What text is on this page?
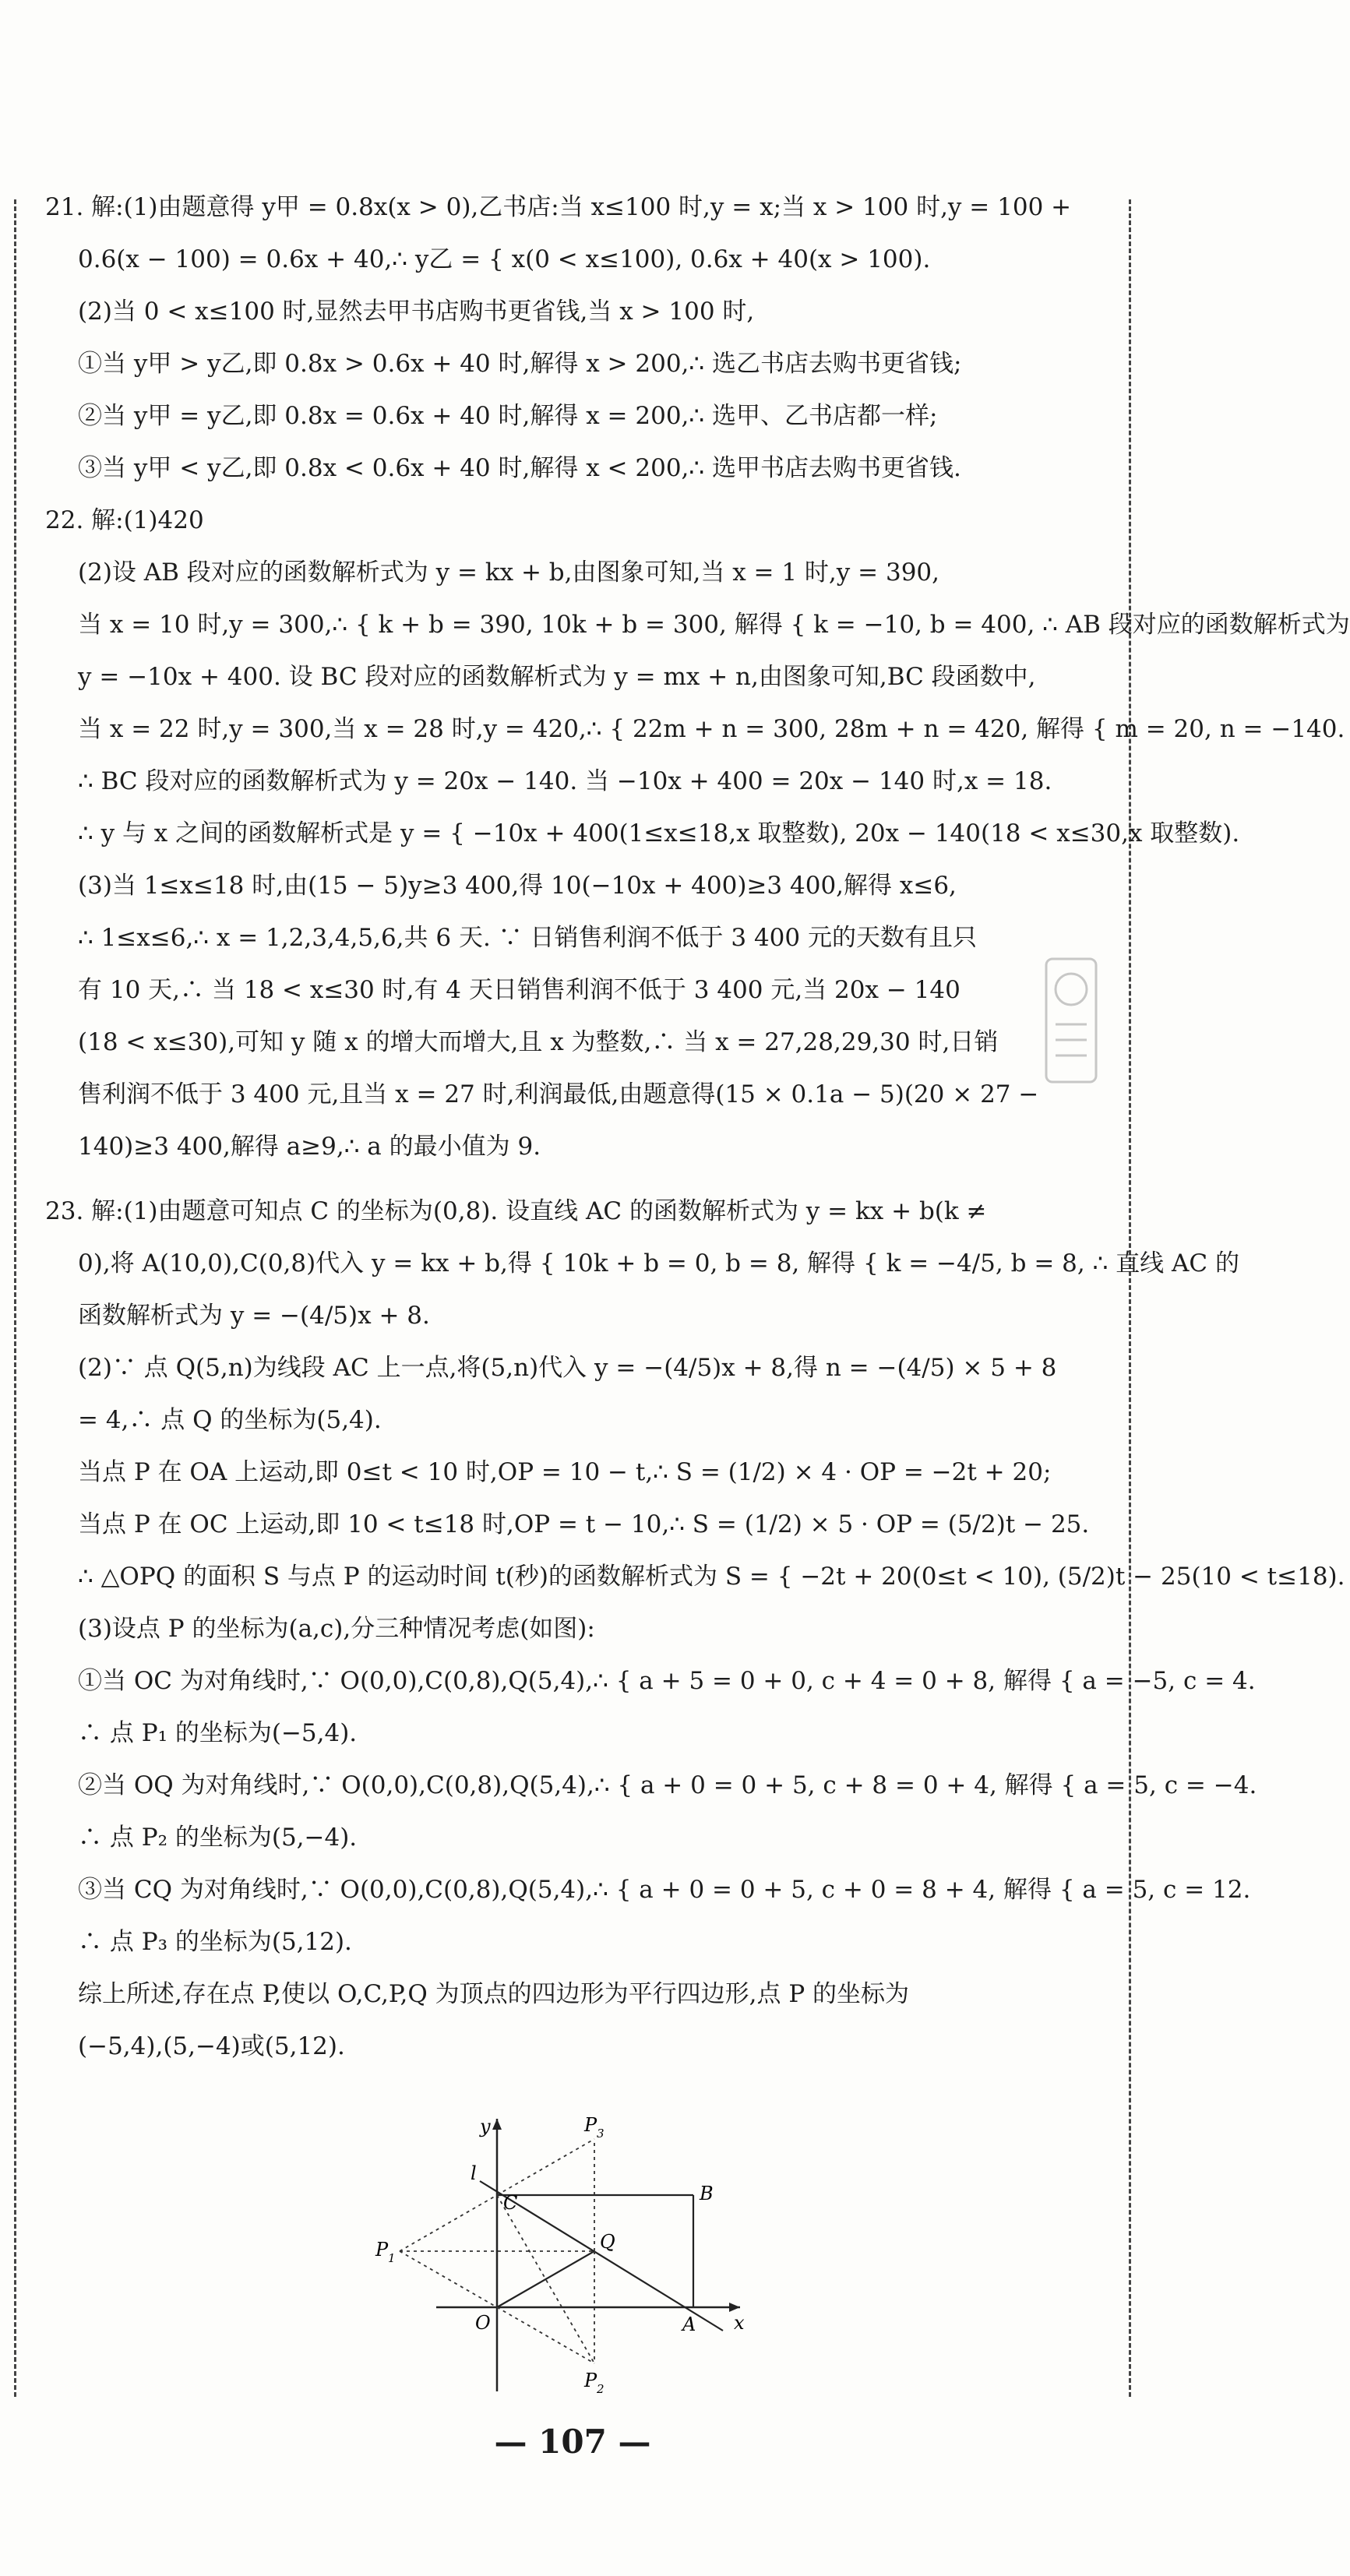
21. 解:(1)由题意得 y甲 = 0.8x(x > 0),乙书店:当 x≤100 时,y = x;当 x > 100 时,y = 100 +
0.6(x − 100) = 0.6x + 40,∴ y乙 = { x(0 < x≤100), 0.6x + 40(x > 100).
(2)当 0 < x≤100 时,显然去甲书店购书更省钱,当 x > 100 时,
①当 y甲 > y乙,即 0.8x > 0.6x + 40 时,解得 x > 200,∴ 选乙书店去购书更省钱;
②当 y甲 = y乙,即 0.8x = 0.6x + 40 时,解得 x = 200,∴ 选甲、乙书店都一样;
③当 y甲 < y乙,即 0.8x < 0.6x + 40 时,解得 x < 200,∴ 选甲书店去购书更省钱.
22. 解:(1)420
(2)设 AB 段对应的函数解析式为 y = kx + b,由图象可知,当 x = 1 时,y = 390,
当 x = 10 时,y = 300,∴ { k + b = 390, 10k + b = 300, 解得 { k = −10, b = 400, ∴ AB 段对应的函数解析式为
y = −10x + 400. 设 BC 段对应的函数解析式为 y = mx + n,由图象可知,BC 段函数中,
当 x = 22 时,y = 300,当 x = 28 时,y = 420,∴ { 22m + n = 300, 28m + n = 420, 解得 { m = 20, n = −140.
∴ BC 段对应的函数解析式为 y = 20x − 140. 当 −10x + 400 = 20x − 140 时,x = 18.
∴ y 与 x 之间的函数解析式是 y = { −10x + 400(1≤x≤18,x 取整数), 20x − 140(18 < x≤30,x 取整数).
(3)当 1≤x≤18 时,由(15 − 5)y≥3 400,得 10(−10x + 400)≥3 400,解得 x≤6,
∴ 1≤x≤6,∴ x = 1,2,3,4,5,6,共 6 天. ∵ 日销售利润不低于 3 400 元的天数有且只
有 10 天,∴ 当 18 < x≤30 时,有 4 天日销售利润不低于 3 400 元,当 20x − 140
(18 < x≤30),可知 y 随 x 的增大而增大,且 x 为整数,∴ 当 x = 27,28,29,30 时,日销
售利润不低于 3 400 元,且当 x = 27 时,利润最低,由题意得(15 × 0.1a − 5)(20 × 27 −
140)≥3 400,解得 a≥9,∴ a 的最小值为 9.
23. 解:(1)由题意可知点 C 的坐标为(0,8). 设直线 AC 的函数解析式为 y = kx + b(k ≠
0),将 A(10,0),C(0,8)代入 y = kx + b,得 { 10k + b = 0, b = 8, 解得 { k = −4/5, b = 8, ∴ 直线 AC 的
函数解析式为 y = −(4/5)x + 8.
(2)∵ 点 Q(5,n)为线段 AC 上一点,将(5,n)代入 y = −(4/5)x + 8,得 n = −(4/5) × 5 + 8
= 4,∴ 点 Q 的坐标为(5,4).
当点 P 在 OA 上运动,即 0≤t < 10 时,OP = 10 − t,∴ S = (1/2) × 4 · OP = −2t + 20;
当点 P 在 OC 上运动,即 10 < t≤18 时,OP = t − 10,∴ S = (1/2) × 5 · OP = (5/2)t − 25.
∴ △OPQ 的面积 S 与点 P 的运动时间 t(秒)的函数解析式为 S = { −2t + 20(0≤t < 10), (5/2)t − 25(10 < t≤18).
(3)设点 P 的坐标为(a,c),分三种情况考虑(如图):
①当 OC 为对角线时,∵ O(0,0),C(0,8),Q(5,4),∴ { a + 5 = 0 + 0, c + 4 = 0 + 8, 解得 { a = −5, c = 4.
∴ 点 P₁ 的坐标为(−5,4).
②当 OQ 为对角线时,∵ O(0,0),C(0,8),Q(5,4),∴ { a + 0 = 0 + 5, c + 8 = 0 + 4, 解得 { a = 5, c = −4.
∴ 点 P₂ 的坐标为(5,−4).
③当 CQ 为对角线时,∵ O(0,0),C(0,8),Q(5,4),∴ { a + 0 = 0 + 5, c + 0 = 8 + 4, 解得 { a = 5, c = 12.
∴ 点 P₃ 的坐标为(5,12).
综上所述,存在点 P,使以 O,C,P,Q 为顶点的四边形为平行四边形,点 P 的坐标为
(−5,4),(5,−4)或(5,12).
y
x
O	A
B
C
Q
l
P 1
P 2
P 3
— 107 —
